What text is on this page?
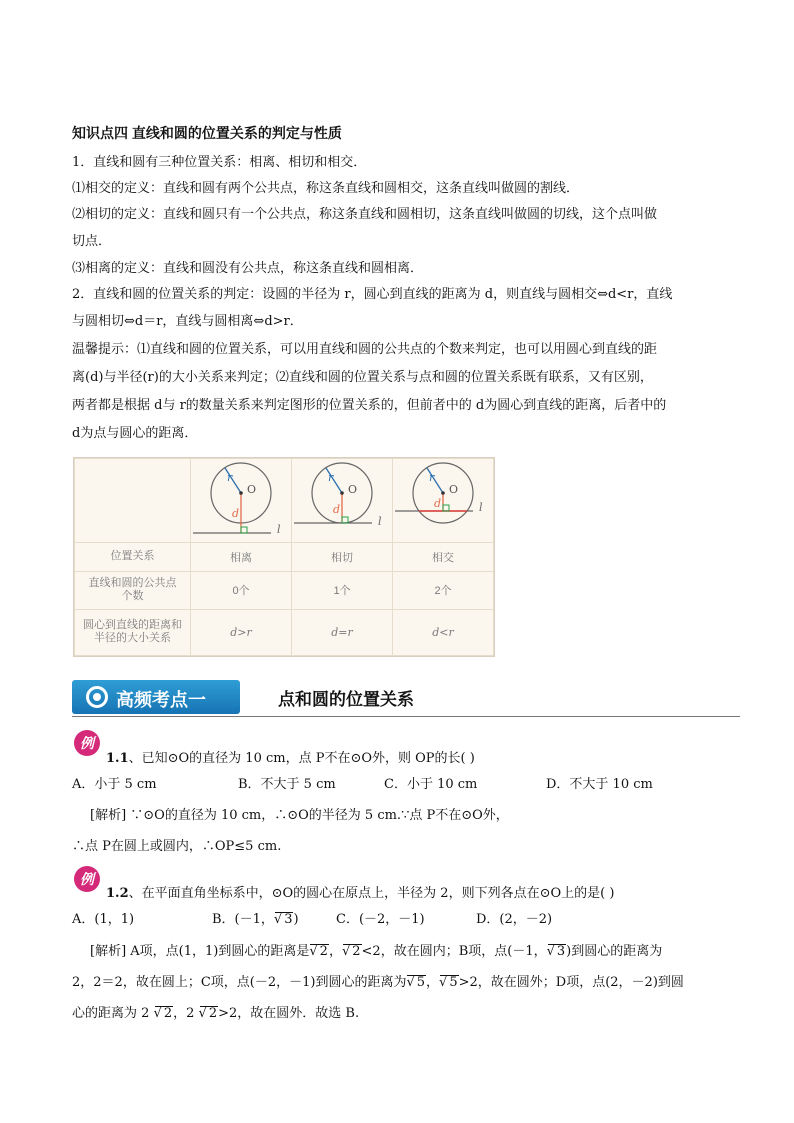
知识点四 直线和圆的位置关系的判定与性质
1．直线和圆有三种位置关系：相离、相切和相交．
⑴相交的定义：直线和圆有两个公共点，称这条直线和圆相交，这条直线叫做圆的割线．
⑵相切的定义：直线和圆只有一个公共点，称这条直线和圆相切，这条直线叫做圆的切线，这个点叫做
切点．
⑶相离的定义：直线和圆没有公共点，称这条直线和圆相离．
2．直线和圆的位置关系的判定：设圆的半径为 r，圆心到直线的距离为 d，则直线与圆相交⇔d<r，直线
与圆相切⇔d＝r，直线与圆相离⇔d>r．
温馨提示：⑴直线和圆的位置关系，可以用直线和圆的公共点的个数来判定，也可以用圆心到直线的距
离(d)与半径(r)的大小关系来判定；⑵直线和圆的位置关系与点和圆的位置关系既有联系，又有区别，
两者都是根据 d与 r的数量关系来判定图形的位置关系的，但前者中的 d为圆心到直线的距离，后者中的
d为点与圆心的距离．

r
O
d
l	r
O
d
l	r
O
d l

位置关系	相离	相切	相交
直线和圆的公共点个数	0个	1个	2个
圆心到直线的距离和半径的大小关系	d>r	d=r	d<r
高频考点一	点和圆的位置关系
例
1.1、已知⊙O的直径为 10 cm，点 P不在⊙O外，则 OP的长( )
A．小于 5 cm	B．不大于 5 cm	C．小于 10 cm	D．不大于 10 cm
[解析] ∵⊙O的直径为 10 cm，∴⊙O的半径为 5 cm.∵点 P不在⊙O外，
∴点 P在圆上或圆内，∴OP≤5 cm.
例
1.2、在平面直角坐标系中，⊙O的圆心在原点上，半径为 2，则下列各点在⊙O上的是( )
A．(1，1)	B．(－1， √ 3)	C．(－2，－1)	D．(2，－2)
[解析] A项，点(1，1)到圆心的距离是 √ 2， √ 2<2，故在圆内；B项，点(－1， √ 3)到圆心的距离为
2，2＝2，故在圆上；C项，点(－2，－1)到圆心的距离为 √ 5， √ 5>2，故在圆外；D项，点(2，－2)到圆
心的距离为 2 √ 2，2 √ 2>2，故在圆外．故选 B.
